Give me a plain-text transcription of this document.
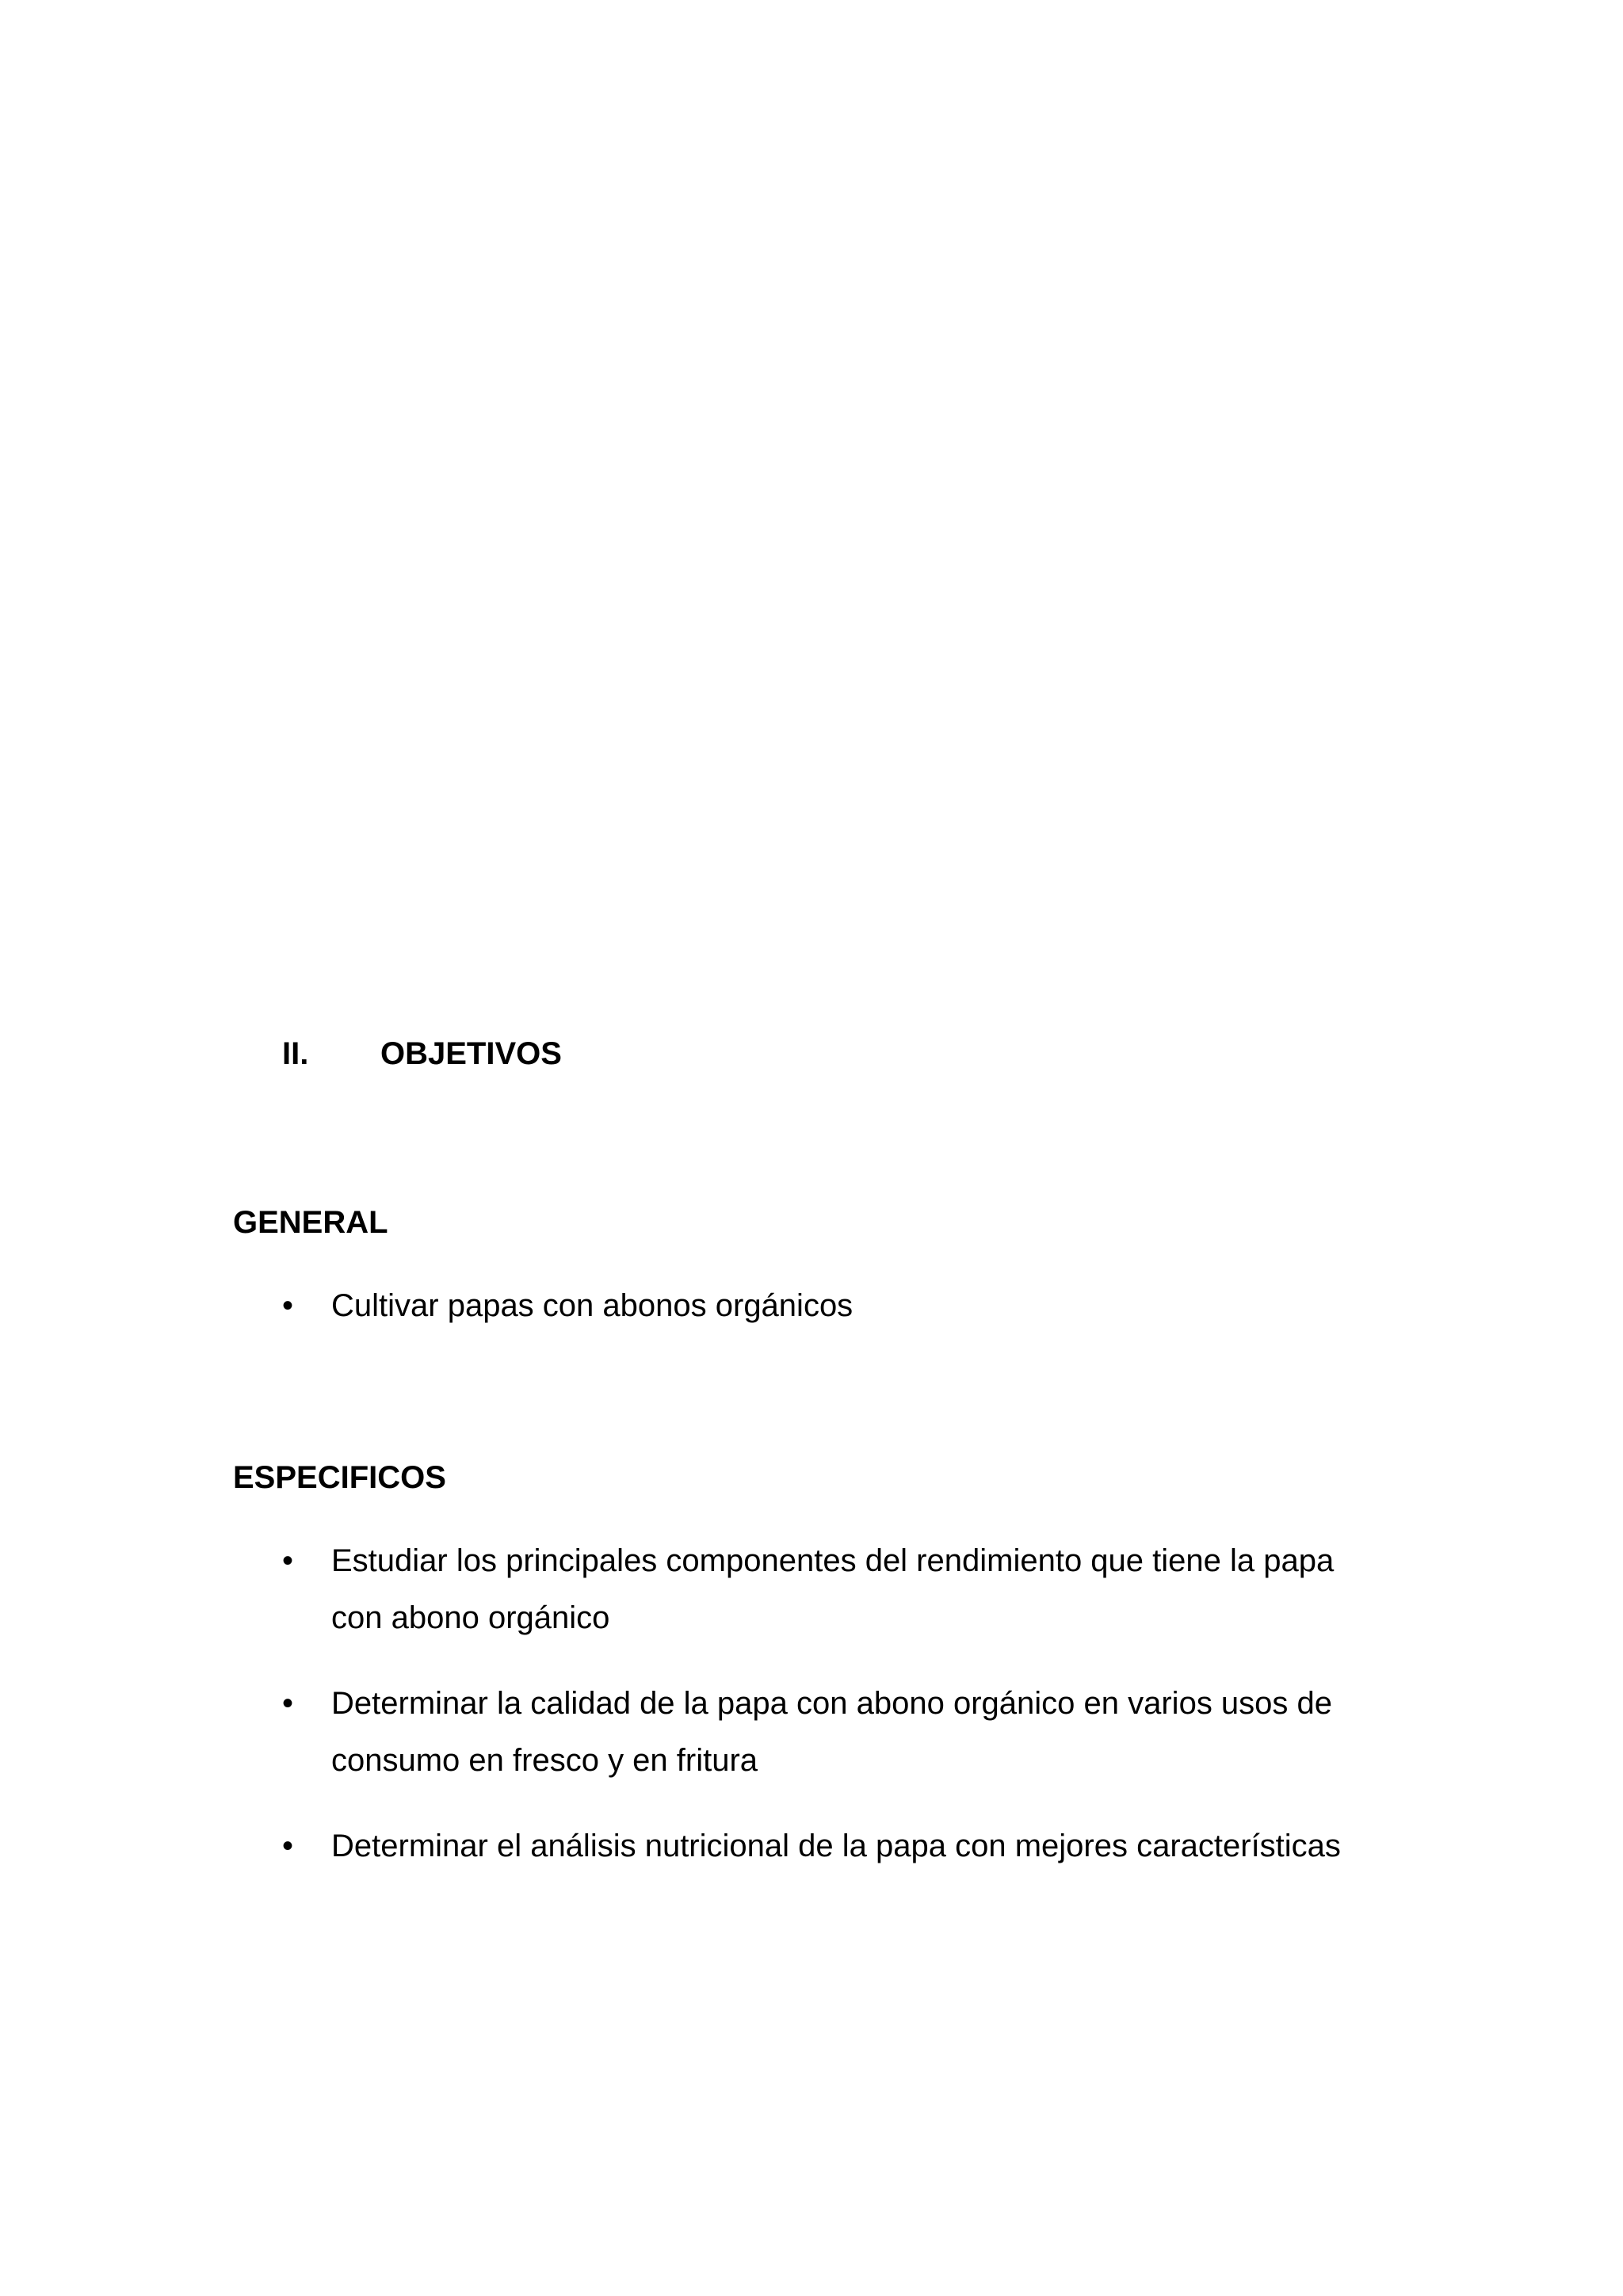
II. OBJETIVOS
GENERAL
•	Cultivar papas con abonos orgánicos
ESPECIFICOS
•	Estudiar los principales componentes del rendimiento que tiene la papa con abono orgánico
•	Determinar la calidad de la papa con abono orgánico en varios usos de consumo en fresco y en fritura
•	Determinar el análisis nutricional de la papa con mejores características
